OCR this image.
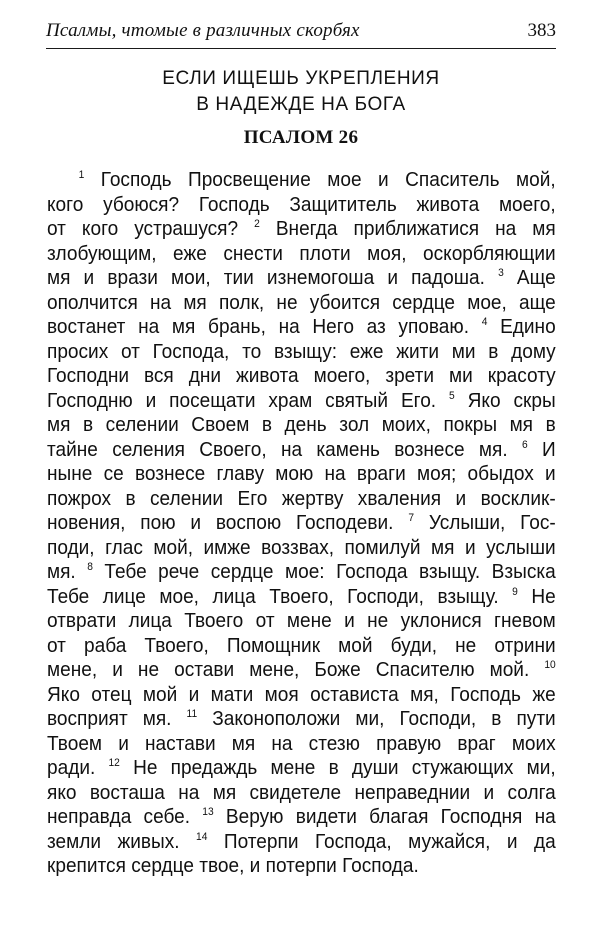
Псалмы, чтомые в различных скорбях	383
ЕСЛИ ИЩЕШЬ УКРЕПЛЕНИЯ
В НАДЕЖДЕ НА БОГА
ПСАЛОМ 26
$^1$ Господь Просвещение мое и Спаситель мой,
кого убоюся? Господь Защититель живота моего,
от кого устрашуся? $^2$ Внегда приближатися на мя
злобующим, еже снести плоти моя, оскорбляющии
мя и врази мои, тии изнемогоша и падоша. $^3$ Аще
ополчится на мя полк, не убоится сердце мое, аще
востанет на мя брань, на Него аз уповаю. $^4$ Едино
просих от Господа, то взыщу: еже жити ми в дому
Господни вся дни живота моего, зрети ми красоту
Господню и посещати храм святый Его. $^5$ Яко скры
мя в селении Своем в день зол моих, покры мя в
тайне селения Своего, на камень вознесе мя. $^6$ И
ныне се вознесе главу мою на враги моя; обыдох и
пожрох в селении Его жертву хваления и восклик-
новения, пою и воспою Господеви. $^7$ Услыши, Гос-
поди, глас мой, имже воззвах, помилуй мя и услыши
мя. $^8$ Тебе рече сердце мое: Господа взыщу. Взыска
Тебе лице мое, лица Твоего, Господи, взыщу. $^9$ Не
отврати лица Твоего от мене и не уклонися гневом
от раба Твоего, Помощник мой буди, не отрини
мене, и не остави мене, Боже Спасителю мой. $^{10}$
Яко отец мой и мати моя остависта мя, Господь же
восприят мя. $^{11}$ Законоположи ми, Господи, в пути
Твоем и настави мя на стезю правую враг моих
ради. $^{12}$ Не предаждь мене в души стужающих ми,
яко восташа на мя свидетеле неправеднии и солга
неправда себе. $^{13}$ Верую видети благая Господня на
земли живых. $^{14}$ Потерпи Господа, мужайся, и да
крепится сердце твое, и потерпи Господа.
